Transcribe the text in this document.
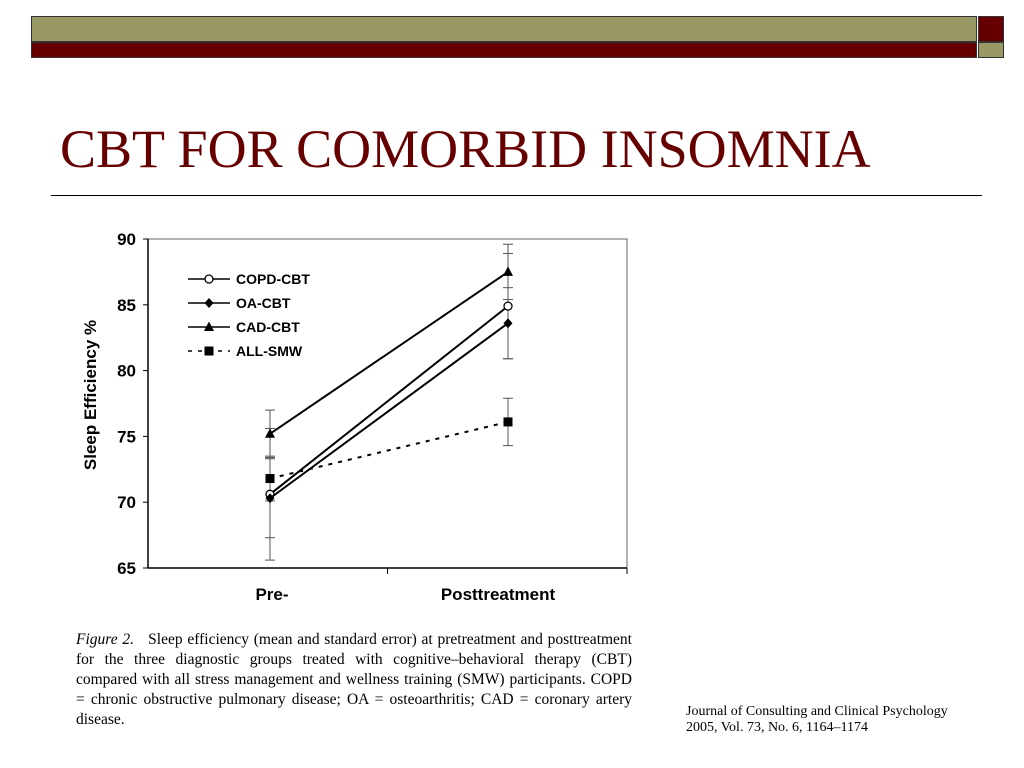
CBT FOR COMORBID INSOMNIA
65
70
75
80
85
90
Pre-	Posttreatment
COPD-CBT
OA-CBT
CAD-CBT
ALL-SMW
Sleep Efficiency %
Figure 2. Sleep efficiency (mean and standard error) at pretreatment and posttreatment for the three diagnostic groups treated with cognitive–behavioral therapy (CBT) compared with all stress management and wellness training (SMW) participants. COPD = chronic obstructive pulmonary disease; OA = osteoarthritis; CAD = coronary artery disease.	Journal of Consulting and Clinical Psychology
2005, Vol. 73, No. 6, 1164–1174
